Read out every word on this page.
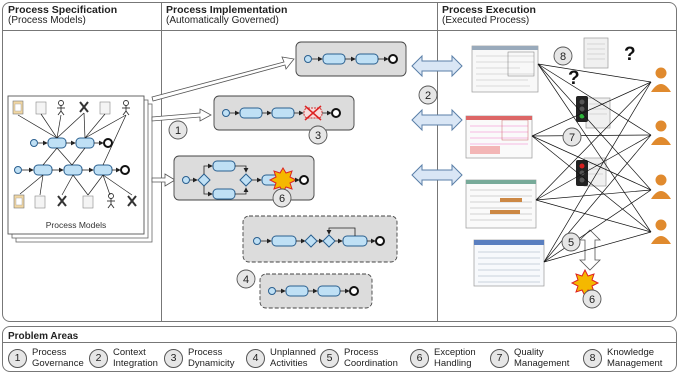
Process Specification
(Process Models)
Process Implementation
(Automatically Governed)
Process Execution
(Executed Process)
Process Models
?
?
1
2
3
4
5
6
6
7
8
Problem Areas
1	Process Governance	2	Context Integration	3	Process Dynamicity	4	Unplanned Activities	5	Process Coordination	6	Exception Handling	7	Quality Management	8	Knowledge Management
